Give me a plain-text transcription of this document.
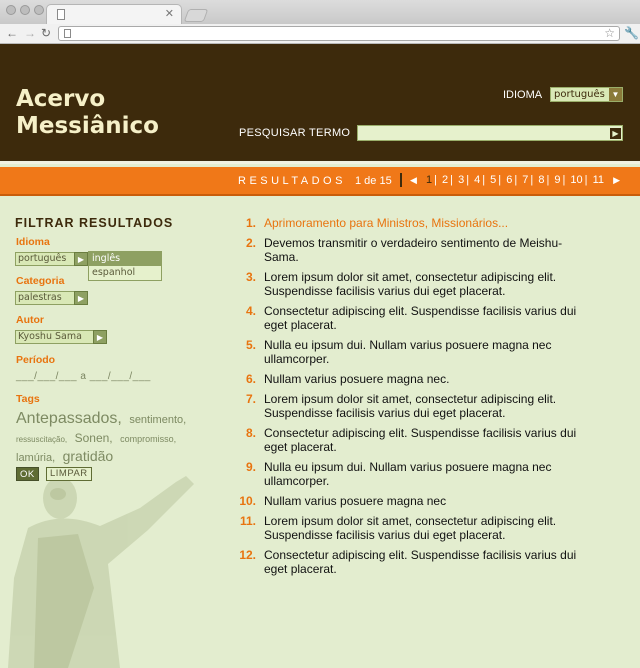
✕
← → ↻	☆ 🔧
Acervo
Messiânico
IDIOMA português ▼
PESQUISAR TERMO	▶
RESULTADOS 1 de 15 ◀ 1 | 2 | 3 | 4 | 5 | 6 | 7 | 8 | 9 | 10 | 11 ▶
FILTRAR RESULTADOS
Idioma
português	▶ inglês
espanhol
Categoria
palestras	▶
Autor
Kyoshu Sama	▶
Período
___/___/___ a ___/___/___
Tags
Antepassados, sentimento, ressuscitação, Sonen, compromisso, lamúria, gratidão
OK	LIMPAR
1. Aprimoramento para Ministros, Missionários...
2. Devemos transmitir o verdadeiro sentimento de Meishu-Sama.
3. Lorem ipsum dolor sit amet, consectetur adipiscing elit. Suspendisse facilisis varius dui eget placerat.
4. Consectetur adipiscing elit. Suspendisse facilisis varius dui eget placerat.
5. Nulla eu ipsum dui. Nullam varius posuere magna nec ullamcorper.
6. Nullam varius posuere magna nec.
7. Lorem ipsum dolor sit amet, consectetur adipiscing elit. Suspendisse facilisis varius dui eget placerat.
8. Consectetur adipiscing elit. Suspendisse facilisis varius dui eget placerat.
9. Nulla eu ipsum dui. Nullam varius posuere magna nec ullamcorper.
10. Nullam varius posuere magna nec
11. Lorem ipsum dolor sit amet, consectetur adipiscing elit. Suspendisse facilisis varius dui eget placerat.
12. Consectetur adipiscing elit. Suspendisse facilisis varius dui eget placerat.
